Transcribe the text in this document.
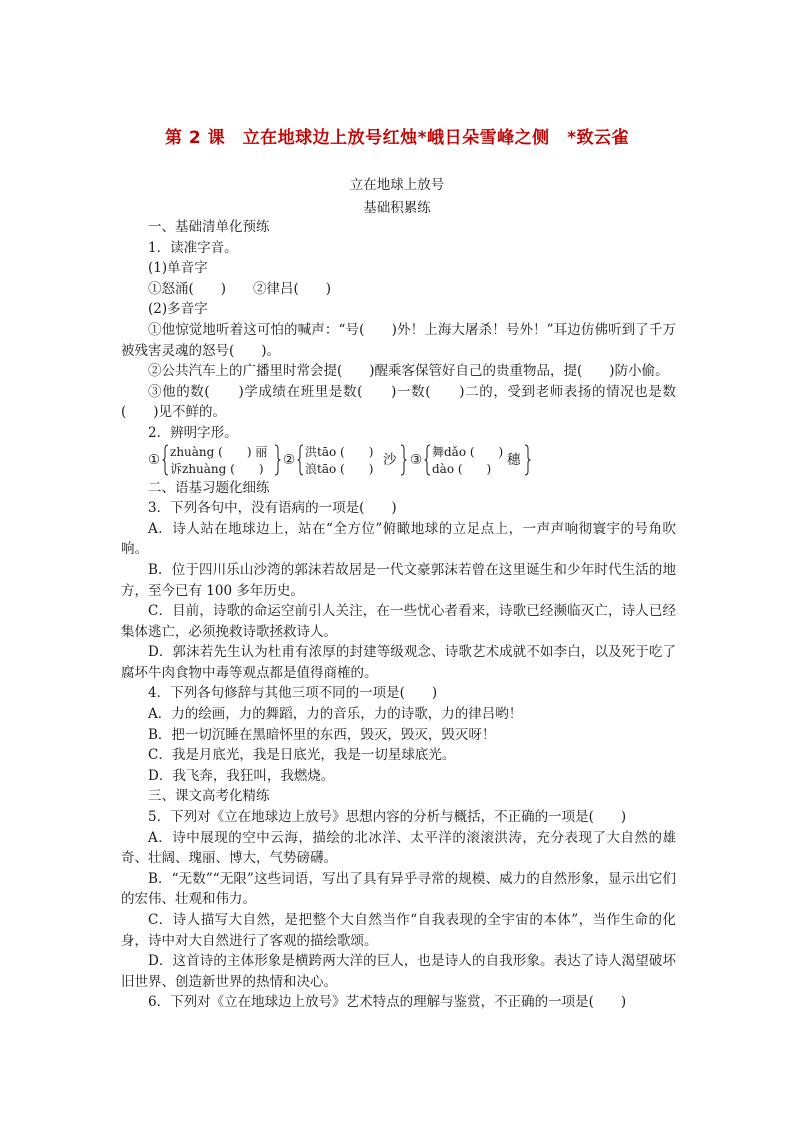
第 2 课　立在地球边上放号红烛*峨日朵雪峰之侧　*致云雀
立在地球上放号
基础积累练

一、基础清单化预练

1．读准字音。

(1)单音字

①怒涌(　　)　　②律吕(　　)

(2)多音字

①他惊觉地听着这可怕的喊声：“号(　　)外！上海大屠杀！号外！”耳边仿佛听到了千万被残害灵魂的怒号(　　)。

②公共汽车上的广播里时常会提(　　)醒乘客保管好自己的贵重物品，提(　　)防小偷。

③他的数(　　)学成绩在班里是数(　　)一数(　　)二的，受到老师表扬的情况也是数(　　)见不鲜的。

2．辨明字形。

① zhuàng (　　) 丽
诉zhuàng (　　)
② 洪tāo (　　)
浪tāo (　　)
沙 ③ 舞dǎo (　　)
dào (　　)
穗

二、语基习题化细练

3．下列各句中，没有语病的一项是(　　)

A．诗人站在地球边上，站在“全方位”俯瞰地球的立足点上，一声声响彻寰宇的号角吹响。

B．位于四川乐山沙湾的郭沫若故居是一代文豪郭沫若曾在这里诞生和少年时代生活的地方，至今已有 100 多年历史。

C．目前，诗歌的命运空前引人关注，在一些忧心者看来，诗歌已经濒临灭亡，诗人已经集体逃亡，必须挽救诗歌拯救诗人。

D．郭沫若先生认为杜甫有浓厚的封建等级观念、诗歌艺术成就不如李白，以及死于吃了腐坏牛肉食物中毒等观点都是值得商榷的。

4．下列各句修辞与其他三项不同的一项是(　　)

A．力的绘画，力的舞蹈，力的音乐，力的诗歌，力的律吕哟！

B．把一切沉睡在黑暗怀里的东西，毁灭，毁灭，毁灭呀！

C．我是月底光，我是日底光，我是一切星球底光。

D．我飞奔，我狂叫，我燃烧。

三、课文高考化精练

5．下列对《立在地球边上放号》思想内容的分析与概括，不正确的一项是(　　)

A．诗中展现的空中云海，描绘的北冰洋、太平洋的滚滚洪涛，充分表现了大自然的雄奇、壮阔、瑰丽、博大，气势磅礴。

B．“无数”“无限”这些词语，写出了具有异乎寻常的规模、威力的自然形象，显示出它们的宏伟、壮观和伟力。

C．诗人描写大自然，是把整个大自然当作“自我表现的全宇宙的本体”，当作生命的化身，诗中对大自然进行了客观的描绘歌颂。

D．这首诗的主体形象是横跨两大洋的巨人，也是诗人的自我形象。表达了诗人渴望破坏旧世界、创造新世界的热情和决心。

6．下列对《立在地球边上放号》艺术特点的理解与鉴赏，不正确的一项是(　　)
